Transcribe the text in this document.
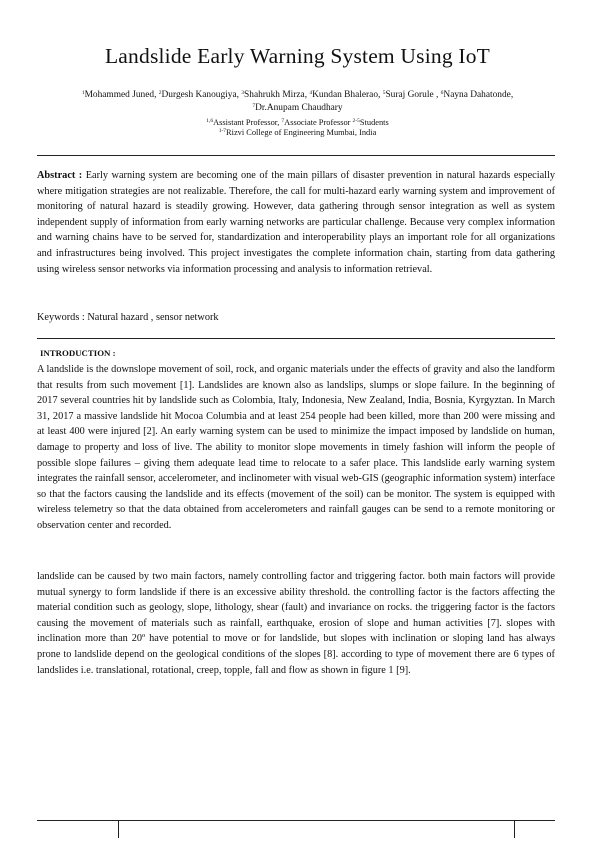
Landslide Early Warning System Using IoT
$^1$Mohammed Juned, $^2$Durgesh Kanougiya, $^3$Shahrukh Mirza, $^4$Kundan Bhalerao, $^5$Suraj Gorule , $^6$Nayna Dahatonde,
$^7$Dr.Anupam Chaudhary
$^{1,6}$Assistant Professor, $^7$Associate Professor $^{2-5}$Students
$^{1-7}$Rizvi College of Engineering Mumbai, India
Abstract : Early warning system are becoming one of the main pillars of disaster prevention in natural hazards especially where mitigation strategies are not realizable. Therefore, the call for multi-hazard early warning system and improvement of monitoring of natural hazard is steadily growing. However, data gathering through sensor integration as well as system independent supply of information from early warning networks are particular challenge. Because very complex information and warning chains have to be served for, standardization and interoperability plays an important role for all organizations and infrastructures being involved. This project investigates the complete information chain, starting from data gathering using wireless sensor networks via information processing and analysis to information retrieval.
Keywords : Natural hazard , sensor network
INTRODUCTION :
A landslide is the downslope movement of soil, rock, and organic materials under the effects of gravity and also the landform that results from such movement [1]. Landslides are known also as landslips, slumps or slope failure. In the beginning of 2017 several countries hit by landslide such as Colombia, Italy, Indonesia, New Zealand, India, Bosnia, Kyrgyztan. In March 31, 2017 a massive landslide hit Mocoa Columbia and at least 254 people had been killed, more than 200 were missing and at least 400 were injured [2]. An early warning system can be used to minimize the impact imposed by landslide on human, damage to property and loss of live. The ability to monitor slope movements in timely fashion will inform the people of possible slope failures – giving them adequate lead time to relocate to a safer place. This landslide early warning system integrates the rainfall sensor, accelerometer, and inclinometer with visual web-GIS (geographic information system) interface so that the factors causing the landslide and its effects (movement of the soil) can be monitor. The system is equipped with wireless telemetry so that the data obtained from accelerometers and rainfall gauges can be send to a remote monitoring or observation center and recorded.
landslide can be caused by two main factors, namely controlling factor and triggering factor. both main factors will provide mutual synergy to form landslide if there is an excessive ability threshold. the controlling factor is the factors affecting the material condition such as geology, slope, lithology, shear (fault) and invariance on rocks. the triggering factor is the factors causing the movement of materials such as rainfall, earthquake, erosion of slope and human activities [7]. slopes with inclination more than 20º have potential to move or for landslide, but slopes with inclination or sloping land has always prone to landslide depend on the geological conditions of the slopes [8]. according to type of movement there are 6 types of landslides i.e. translational, rotational, creep, topple, fall and flow as shown in figure 1 [9].
